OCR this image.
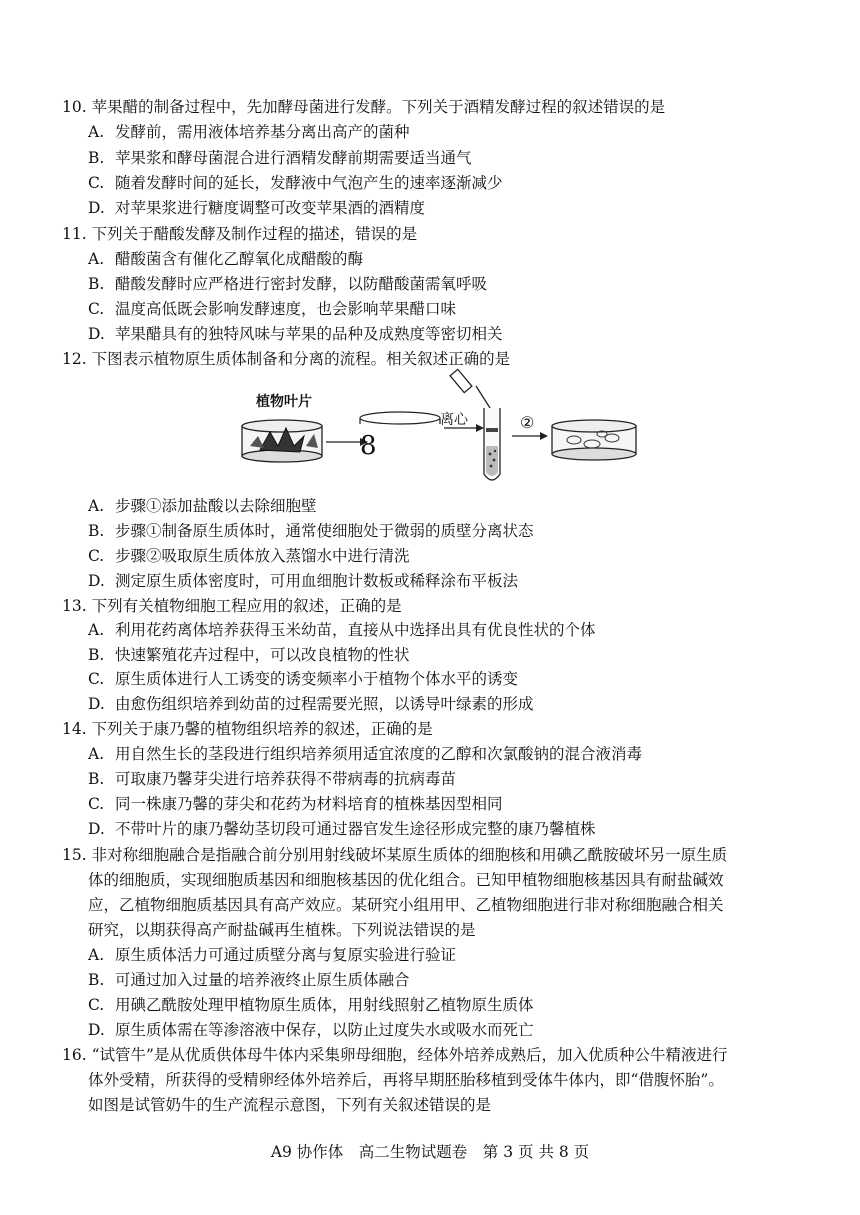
10. 苹果醋的制备过程中，先加酵母菌进行发酵。下列关于酒精发酵过程的叙述错误的是
A. 发酵前，需用液体培养基分离出高产的菌种
B. 苹果浆和酵母菌混合进行酒精发酵前期需要适当通气
C. 随着发酵时间的延长，发酵液中气泡产生的速率逐渐减少
D. 对苹果浆进行糖度调整可改变苹果酒的酒精度
11. 下列关于醋酸发酵及制作过程的描述，错误的是
A. 醋酸菌含有催化乙醇氧化成醋酸的酶
B. 醋酸发酵时应严格进行密封发酵，以防醋酸菌需氧呼吸
C. 温度高低既会影响发酵速度，也会影响苹果醋口味
D. 苹果醋具有的独特风味与苹果的品种及成熟度等密切相关
12. 下图表示植物原生质体制备和分离的流程。相关叙述正确的是
植物叶片
8
离心	②
A. 步骤①添加盐酸以去除细胞壁
B. 步骤①制备原生质体时，通常使细胞处于微弱的质壁分离状态
C. 步骤②吸取原生质体放入蒸馏水中进行清洗
D. 测定原生质体密度时，可用血细胞计数板或稀释涂布平板法
13. 下列有关植物细胞工程应用的叙述，正确的是
A. 利用花药离体培养获得玉米幼苗，直接从中选择出具有优良性状的个体
B. 快速繁殖花卉过程中，可以改良植物的性状
C. 原生质体进行人工诱变的诱变频率小于植物个体水平的诱变
D. 由愈伤组织培养到幼苗的过程需要光照，以诱导叶绿素的形成
14. 下列关于康乃馨的植物组织培养的叙述，正确的是
A. 用自然生长的茎段进行组织培养须用适宜浓度的乙醇和次氯酸钠的混合液消毒
B. 可取康乃馨芽尖进行培养获得不带病毒的抗病毒苗
C. 同一株康乃馨的芽尖和花药为材料培育的植株基因型相同
D. 不带叶片的康乃馨幼茎切段可通过器官发生途径形成完整的康乃馨植株
15. 非对称细胞融合是指融合前分别用射线破坏某原生质体的细胞核和用碘乙酰胺破坏另一原生质
体的细胞质，实现细胞质基因和细胞核基因的优化组合。已知甲植物细胞核基因具有耐盐碱效
应，乙植物细胞质基因具有高产效应。某研究小组用甲、乙植物细胞进行非对称细胞融合相关
研究，以期获得高产耐盐碱再生植株。下列说法错误的是
A. 原生质体活力可通过质壁分离与复原实验进行验证
B. 可通过加入过量的培养液终止原生质体融合
C. 用碘乙酰胺处理甲植物原生质体，用射线照射乙植物原生质体
D. 原生质体需在等渗溶液中保存，以防止过度失水或吸水而死亡
16. “试管牛”是从优质供体母牛体内采集卵母细胞，经体外培养成熟后，加入优质种公牛精液进行
体外受精，所获得的受精卵经体外培养后，再将早期胚胎移植到受体牛体内，即“借腹怀胎”。
如图是试管奶牛的生产流程示意图，下列有关叙述错误的是
A9 协作体　高二生物试题卷　第 3 页 共 8 页
